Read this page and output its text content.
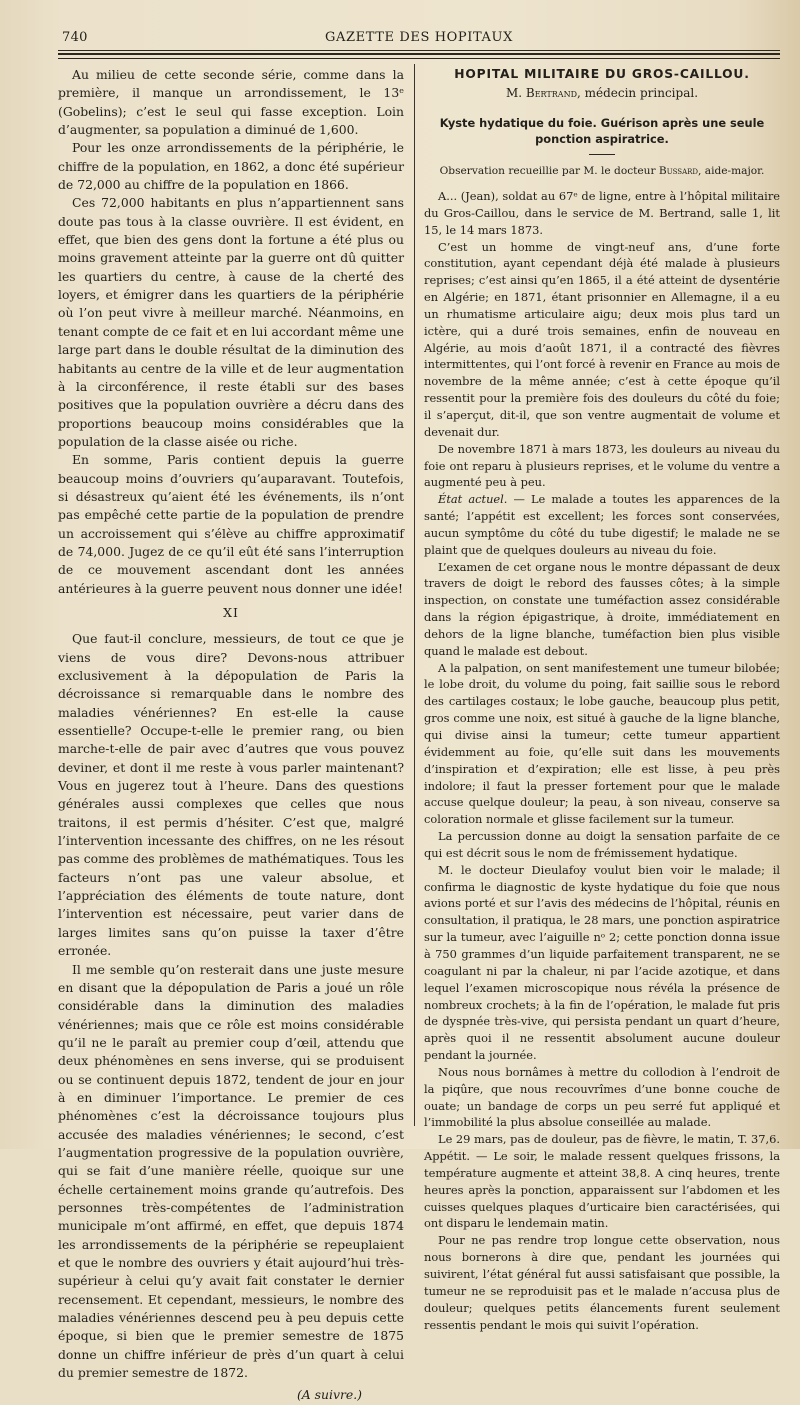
740	GAZETTE DES HOPITAUX

Au milieu de cette seconde série, comme dans la première, il manque un arrondissement, le 13ᵉ (Gobelins); c’est le seul qui fasse exception. Loin d’augmenter, sa population a diminué de 1,600.

Pour les onze arrondissements de la périphérie, le chiffre de la population, en 1862, a donc été supérieur de 72,000 au chiffre de la population en 1866.

Ces 72,000 habitants en plus n’appartiennent sans doute pas tous à la classe ouvrière. Il est évident, en effet, que bien des gens dont la fortune a été plus ou moins gravement atteinte par la guerre ont dû quitter les quartiers du centre, à cause de la cherté des loyers, et émigrer dans les quartiers de la périphérie où l’on peut vivre à meilleur marché. Néanmoins, en tenant compte de ce fait et en lui accordant même une large part dans le double résultat de la diminution des habitants au centre de la ville et de leur augmentation à la circonférence, il reste établi sur des bases positives que la population ouvrière a décru dans des proportions beaucoup moins considérables que la population de la classe aisée ou riche.

En somme, Paris contient depuis la guerre beaucoup moins d’ouvriers qu’auparavant. Toutefois, si désastreux qu’aient été les événements, ils n’ont pas empêché cette partie de la population de prendre un accroissement qui s’élève au chiffre approximatif de 74,000. Jugez de ce qu’il eût été sans l’interruption de ce mouvement ascendant dont les années antérieures à la guerre peuvent nous donner une idée!

XI

Que faut-il conclure, messieurs, de tout ce que je viens de vous dire? Devons-nous attribuer exclusivement à la dépopulation de Paris la décroissance si remarquable dans le nombre des maladies vénériennes? En est-elle la cause essentielle? Occupe-t-elle le premier rang, ou bien marche-t-elle de pair avec d’autres que vous pouvez deviner, et dont il me reste à vous parler maintenant? Vous en jugerez tout à l’heure. Dans des questions générales aussi complexes que celles que nous traitons, il est permis d’hésiter. C’est que, malgré l’intervention incessante des chiffres, on ne les résout pas comme des problèmes de mathématiques. Tous les facteurs n’ont pas une valeur absolue, et l’appréciation des éléments de toute nature, dont l’intervention est nécessaire, peut varier dans de larges limites sans qu’on puisse la taxer d’être erronée.

Il me semble qu’on resterait dans une juste mesure en disant que la dépopulation de Paris a joué un rôle considérable dans la diminution des maladies vénériennes; mais que ce rôle est moins considérable qu’il ne le paraît au premier coup d’œil, attendu que deux phénomènes en sens inverse, qui se produisent ou se continuent depuis 1872, tendent de jour en jour à en diminuer l’importance. Le premier de ces phénomènes c’est la décroissance toujours plus accusée des maladies vénériennes; le second, c’est l’augmentation progressive de la population ouvrière, qui se fait d’une manière réelle, quoique sur une échelle certainement moins grande qu’autrefois. Des personnes très-compétentes de l’administration municipale m’ont affirmé, en effet, que depuis 1874 les arrondissements de la périphérie se repeuplaient et que le nombre des ouvriers y était aujourd’hui très-supérieur à celui qu’y avait fait constater le dernier recensement. Et cependant, messieurs, le nombre des maladies vénériennes descend peu à peu depuis cette époque, si bien que le premier semestre de 1875 donne un chiffre inférieur de près d’un quart à celui du premier semestre de 1872.

(A suivre.)
HOPITAL MILITAIRE DU GROS-CAILLOU.
M. Bertrand, médecin principal.
Kyste hydatique du foie. Guérison après une seule ponction aspiratrice.
Observation recueillie par M. le docteur Bussard, aide-major.

A... (Jean), soldat au 67ᵉ de ligne, entre à l’hôpital militaire du Gros-Caillou, dans le service de M. Bertrand, salle 1, lit 15, le 14 mars 1873.

C’est un homme de vingt-neuf ans, d’une forte constitution, ayant cependant déjà été malade à plusieurs reprises; c’est ainsi qu’en 1865, il a été atteint de dysentérie en Algérie; en 1871, étant prisonnier en Allemagne, il a eu un rhumatisme articulaire aigu; deux mois plus tard un ictère, qui a duré trois semaines, enfin de nouveau en Algérie, au mois d’août 1871, il a contracté des fièvres intermittentes, qui l’ont forcé à revenir en France au mois de novembre de la même année; c’est à cette époque qu’il ressentit pour la première fois des douleurs du côté du foie; il s’aperçut, dit-il, que son ventre augmentait de volume et devenait dur.

De novembre 1871 à mars 1873, les douleurs au niveau du foie ont reparu à plusieurs reprises, et le volume du ventre a augmenté peu à peu.

État actuel. — Le malade a toutes les apparences de la santé; l’appétit est excellent; les forces sont conservées, aucun symptôme du côté du tube digestif; le malade ne se plaint que de quelques douleurs au niveau du foie.

L’examen de cet organe nous le montre dépassant de deux travers de doigt le rebord des fausses côtes; à la simple inspection, on constate une tuméfaction assez considérable dans la région épigastrique, à droite, immédiatement en dehors de la ligne blanche, tuméfaction bien plus visible quand le malade est debout.

A la palpation, on sent manifestement une tumeur bilobée; le lobe droit, du volume du poing, fait saillie sous le rebord des cartilages costaux; le lobe gauche, beaucoup plus petit, gros comme une noix, est situé à gauche de la ligne blanche, qui divise ainsi la tumeur; cette tumeur appartient évidemment au foie, qu’elle suit dans les mouvements d’inspiration et d’expiration; elle est lisse, à peu près indolore; il faut la presser fortement pour que le malade accuse quelque douleur; la peau, à son niveau, conserve sa coloration normale et glisse facilement sur la tumeur.

La percussion donne au doigt la sensation parfaite de ce qui est décrit sous le nom de frémissement hydatique.

M. le docteur Dieulafoy voulut bien voir le malade; il confirma le diagnostic de kyste hydatique du foie que nous avions porté et sur l’avis des médecins de l’hôpital, réunis en consultation, il pratiqua, le 28 mars, une ponction aspiratrice sur la tumeur, avec l’aiguille nᵒ 2; cette ponction donna issue à 750 grammes d’un liquide parfaitement transparent, ne se coagulant ni par la chaleur, ni par l’acide azotique, et dans lequel l’examen microscopique nous révéla la présence de nombreux crochets; à la fin de l’opération, le malade fut pris de dyspnée très-vive, qui persista pendant un quart d’heure, après quoi il ne ressentit absolument aucune douleur pendant la journée.

Nous nous bornâmes à mettre du collodion à l’endroit de la piqûre, que nous recouvrîmes d’une bonne couche de ouate; un bandage de corps un peu serré fut appliqué et l’immobilité la plus absolue conseillée au malade.

Le 29 mars, pas de douleur, pas de fièvre, le matin, T. 37,6. Appétit. — Le soir, le malade ressent quelques frissons, la température augmente et atteint 38,8. A cinq heures, trente heures après la ponction, apparaissent sur l’abdomen et les cuisses quelques plaques d’urticaire bien caractérisées, qui ont disparu le lendemain matin.

Pour ne pas rendre trop longue cette observation, nous nous bornerons à dire que, pendant les journées qui suivirent, l’état général fut aussi satisfaisant que possible, la tumeur ne se reproduisit pas et le malade n’accusa plus de douleur; quelques petits élancements furent seulement ressentis pendant le mois qui suivit l’opération.
